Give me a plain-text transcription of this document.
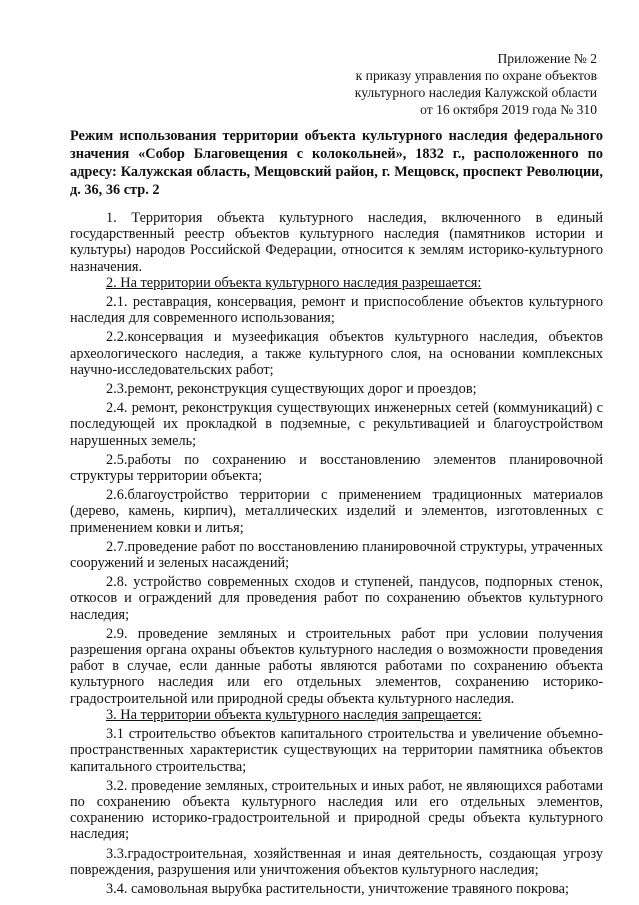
Приложение № 2
к приказу управления по охране объектов
культурного наследия Калужской области
от 16 октября 2019 года № 310
Режим использования территории объекта культурного наследия федерального значения «Собор Благовещения с колокольней», 1832 г., расположенного по адресу: Калужская область, Мещовский район, г. Мещовск, проспект Революции, д. 36, 36 стр. 2

1. Территория объекта культурного наследия, включенного в единый государственный реестр объектов культурного наследия (памятников истории и культуры) народов Российской Федерации, относится к землям историко-культурного назначения.

2. На территории объекта культурного наследия разрешается:

2.1. реставрация, консервация, ремонт и приспособление объектов культурного наследия для современного использования;

2.2.консервация и музеефикация объектов культурного наследия, объектов археологического наследия, а также культурного слоя, на основании комплексных научно-исследовательских работ;

2.3.ремонт, реконструкция существующих дорог и проездов;

2.4. ремонт, реконструкция существующих инженерных сетей (коммуникаций) с последующей их прокладкой в подземные, с рекультивацией и благоустройством нарушенных земель;

2.5.работы по сохранению и восстановлению элементов планировочной структуры территории объекта;

2.6.благоустройство территории с применением традиционных материалов (дерево, камень, кирпич), металлических изделий и элементов, изготовленных с применением ковки и литья;

2.7.проведение работ по восстановлению планировочной структуры, утраченных сооружений и зеленых насаждений;

2.8. устройство современных сходов и ступеней, пандусов, подпорных стенок, откосов и ограждений для проведения работ по сохранению объектов культурного наследия;

2.9. проведение земляных и строительных работ при условии получения разрешения органа охраны объектов культурного наследия о возможности проведения работ в случае, если данные работы являются работами по сохранению объекта культурного наследия или его отдельных элементов, сохранению историко-градостроительной или природной среды объекта культурного наследия.

3. На территории объекта культурного наследия запрещается:

3.1 строительство объектов капитального строительства и увеличение объемно-пространственных характеристик существующих на территории памятника объектов капитального строительства;

3.2. проведение земляных, строительных и иных работ, не являющихся работами по сохранению объекта культурного наследия или его отдельных элементов, сохранению историко-градостроительной и природной среды объекта культурного наследия;

3.3.градостроительная, хозяйственная и иная деятельность, создающая угрозу повреждения, разрушения или уничтожения объектов культурного наследия;

3.4. самовольная вырубка растительности, уничтожение травяного покрова;
